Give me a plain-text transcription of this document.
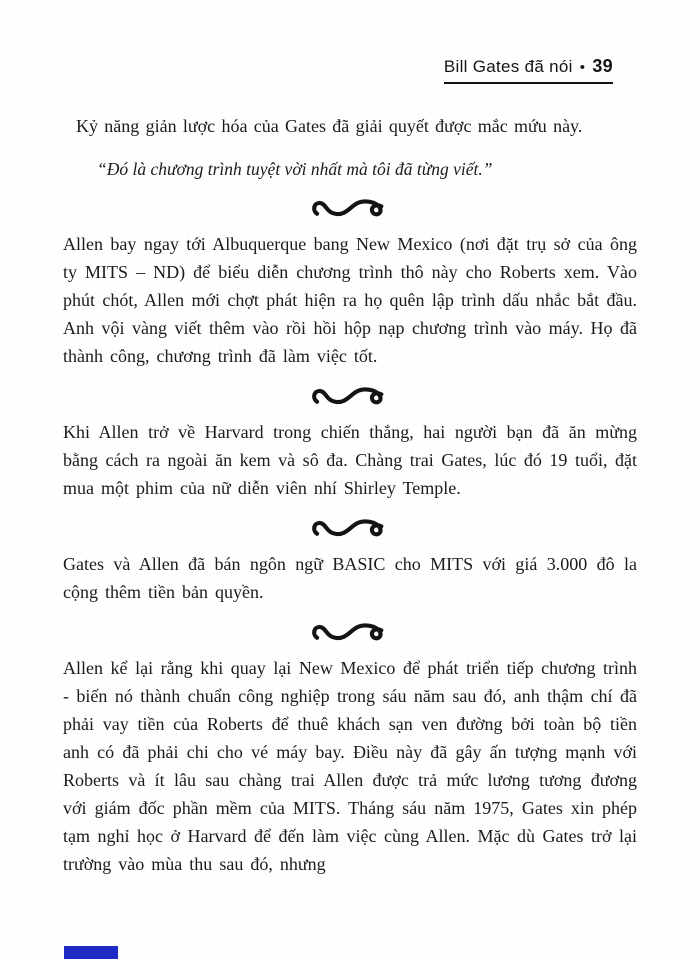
Bill Gates đã nói • 39

Kỷ năng giản lược hóa của Gates đã giải quyết được mắc mứu này.

“Đó là chương trình tuyệt vời nhất mà tôi đã từng viết.”

Allen bay ngay tới Albuquerque bang New Mexico (nơi đặt trụ sở của ông ty MITS – ND) để biểu diễn chương trình thô này cho Roberts xem. Vào phút chót, Allen mới chợt phát hiện ra họ quên lập trình dấu nhắc bắt đầu. Anh vội vàng viết thêm vào rồi hồi hộp nạp chương trình vào máy. Họ đã thành công, chương trình đã làm việc tốt.

Khi Allen trở về Harvard trong chiến thắng, hai người bạn đã ăn mừng bằng cách ra ngoài ăn kem và sô đa. Chàng trai Gates, lúc đó 19 tuổi, đặt mua một phim của nữ diễn viên nhí Shirley Temple.

Gates và Allen đã bán ngôn ngữ BASIC cho MITS với giá 3.000 đô la cộng thêm tiền bản quyền.

Allen kể lại rằng khi quay lại New Mexico để phát triển tiếp chương trình - biến nó thành chuẩn công nghiệp trong sáu năm sau đó, anh thậm chí đã phải vay tiền của Roberts để thuê khách sạn ven đường bởi toàn bộ tiền anh có đã phải chi cho vé máy bay. Điều này đã gây ấn tượng mạnh với Roberts và ít lâu sau chàng trai Allen được trả mức lương tương đương với giám đốc phần mềm của MITS. Tháng sáu năm 1975, Gates xin phép tạm nghỉ học ở Harvard để đến làm việc cùng Allen. Mặc dù Gates trở lại trường vào mùa thu sau đó, nhưng
